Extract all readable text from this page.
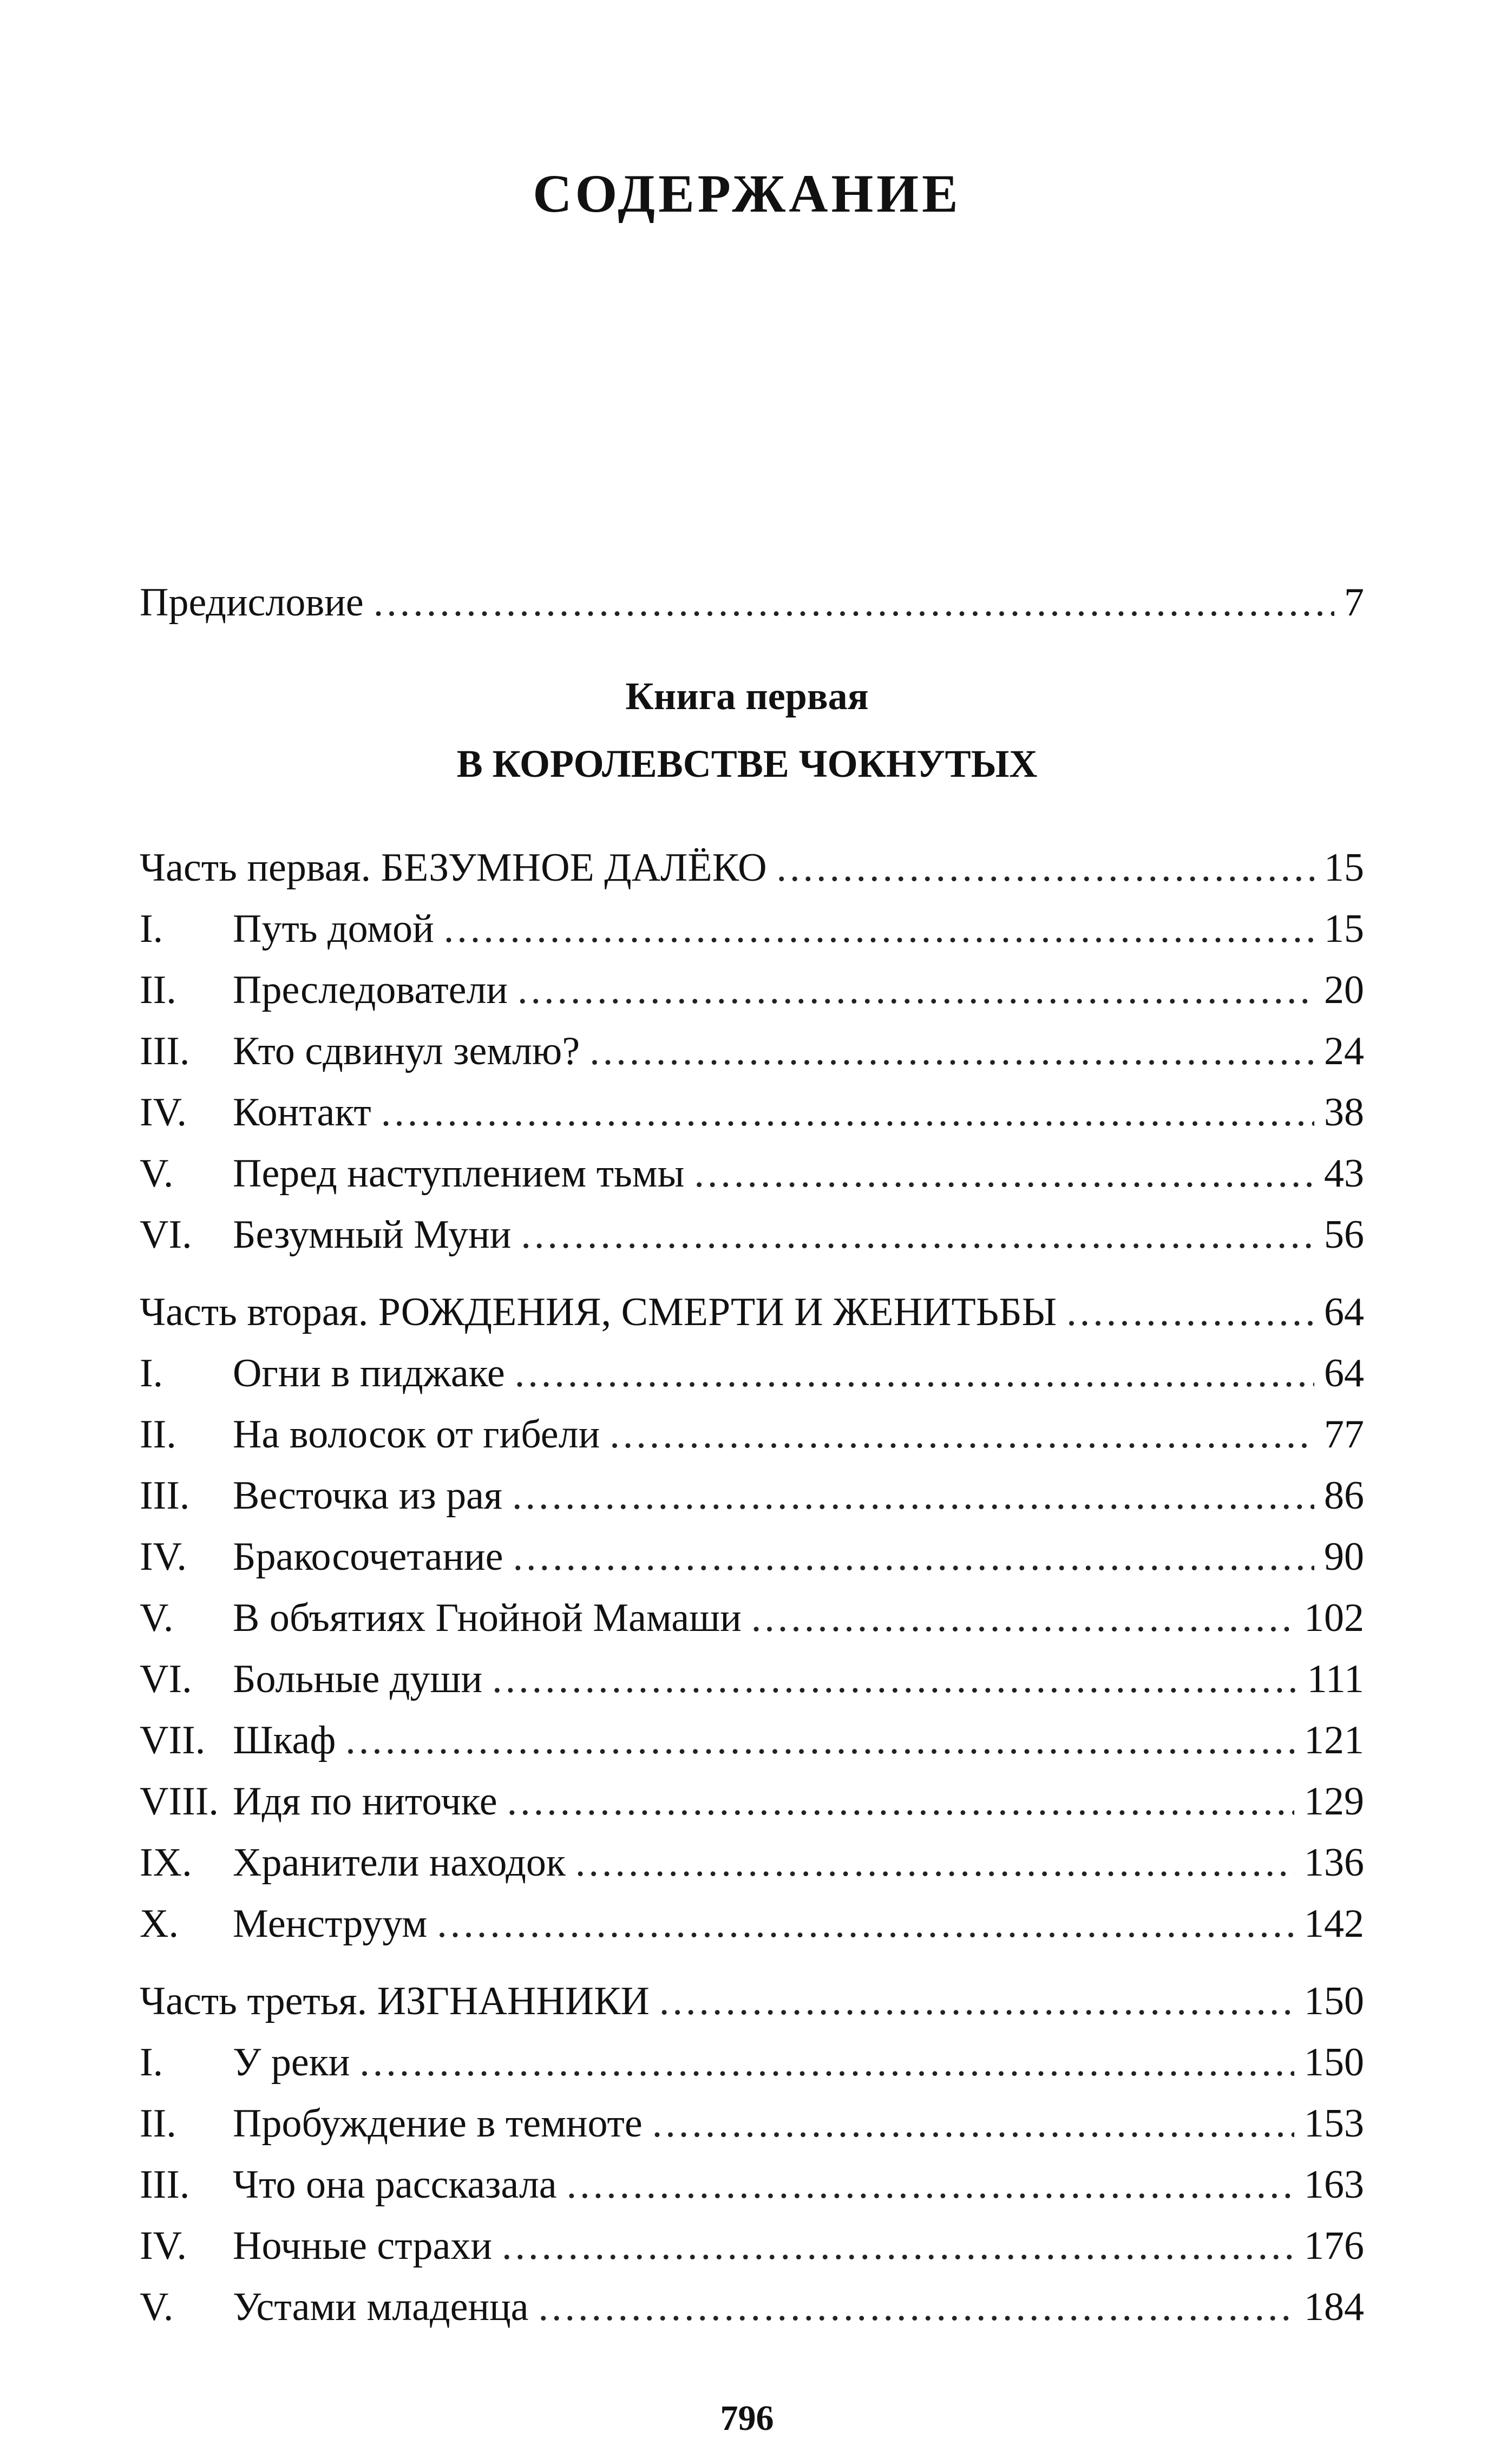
СОДЕРЖАНИЕ
Предисловие .....	7
Книга первая
В КОРОЛЕВСТВЕ ЧОКНУТЫХ
Часть первая. БЕЗУМНОЕ ДАЛЁКО .....	15
I.	Путь домой .....	15
II.	Преследователи .....	20
III.	Кто сдвинул землю? .....	24
IV.	Контакт .....	38
V.	Перед наступлением тьмы .....	43
VI.	Безумный Муни .....	56
Часть вторая. РОЖДЕНИЯ, СМЕРТИ И ЖЕНИТЬБЫ .....	64
I.	Огни в пиджаке .....	64
II.	На волосок от гибели .....	77
III.	Весточка из рая .....	86
IV.	Бракосочетание .....	90
V.	В объятиях Гнойной Мамаши .....	102
VI.	Больные души .....	111
VII. Шкаф .....	121
VIII. Идя по ниточке .....	129
IX.	Хранители находок .....	136
X.	Менструум .....	142
Часть третья. ИЗГНАННИКИ .....	150
I.	У реки .....	150
II.	Пробуждение в темноте .....	153
III.	Что она рассказала .....	163
IV.	Ночные страхи .....	176
V.	Устами младенца .....	184
796
